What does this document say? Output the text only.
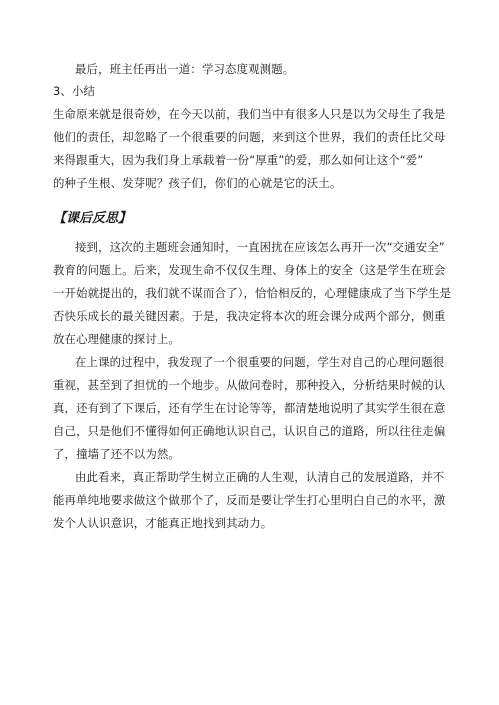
最后，班主任再出一道：学习态度观测题。
3、小结
生命原来就是很奇妙，在今天以前，我们当中有很多人只是以为父母生了我是
他们的责任，却忽略了一个很重要的问题，来到这个世界，我们的责任比父母
来得跟重大，因为我们身上承载着一份“厚重”的爱，那么如何让这个“爱”
的种子生根、发芽呢？孩子们，你们的心就是它的沃土。
【课后反思】
接到，这次的主题班会通知时，一直困扰在应该怎么再开一次“交通安全”
教育的问题上。后来，发现生命不仅仅生理、身体上的安全（这是学生在班会
一开始就提出的，我们就不谋而合了），恰恰相反的，心理健康成了当下学生是
否快乐成长的最关键因素。于是，我决定将本次的班会课分成两个部分，侧重
放在心理健康的探讨上。
在上课的过程中，我发现了一个很重要的问题，学生对自己的心理问题很
重视，甚至到了担忧的一个地步。从做问卷时，那种投入，分析结果时候的认
真，还有到了下课后，还有学生在讨论等等，都清楚地说明了其实学生很在意
自己，只是他们不懂得如何正确地认识自己，认识自己的道路，所以往往走偏
了，撞墙了还不以为然。
由此看来，真正帮助学生树立正确的人生观，认清自己的发展道路，并不
能再单纯地要求做这个做那个了，反而是要让学生打心里明白自己的水平，激
发个人认识意识，才能真正地找到其动力。
